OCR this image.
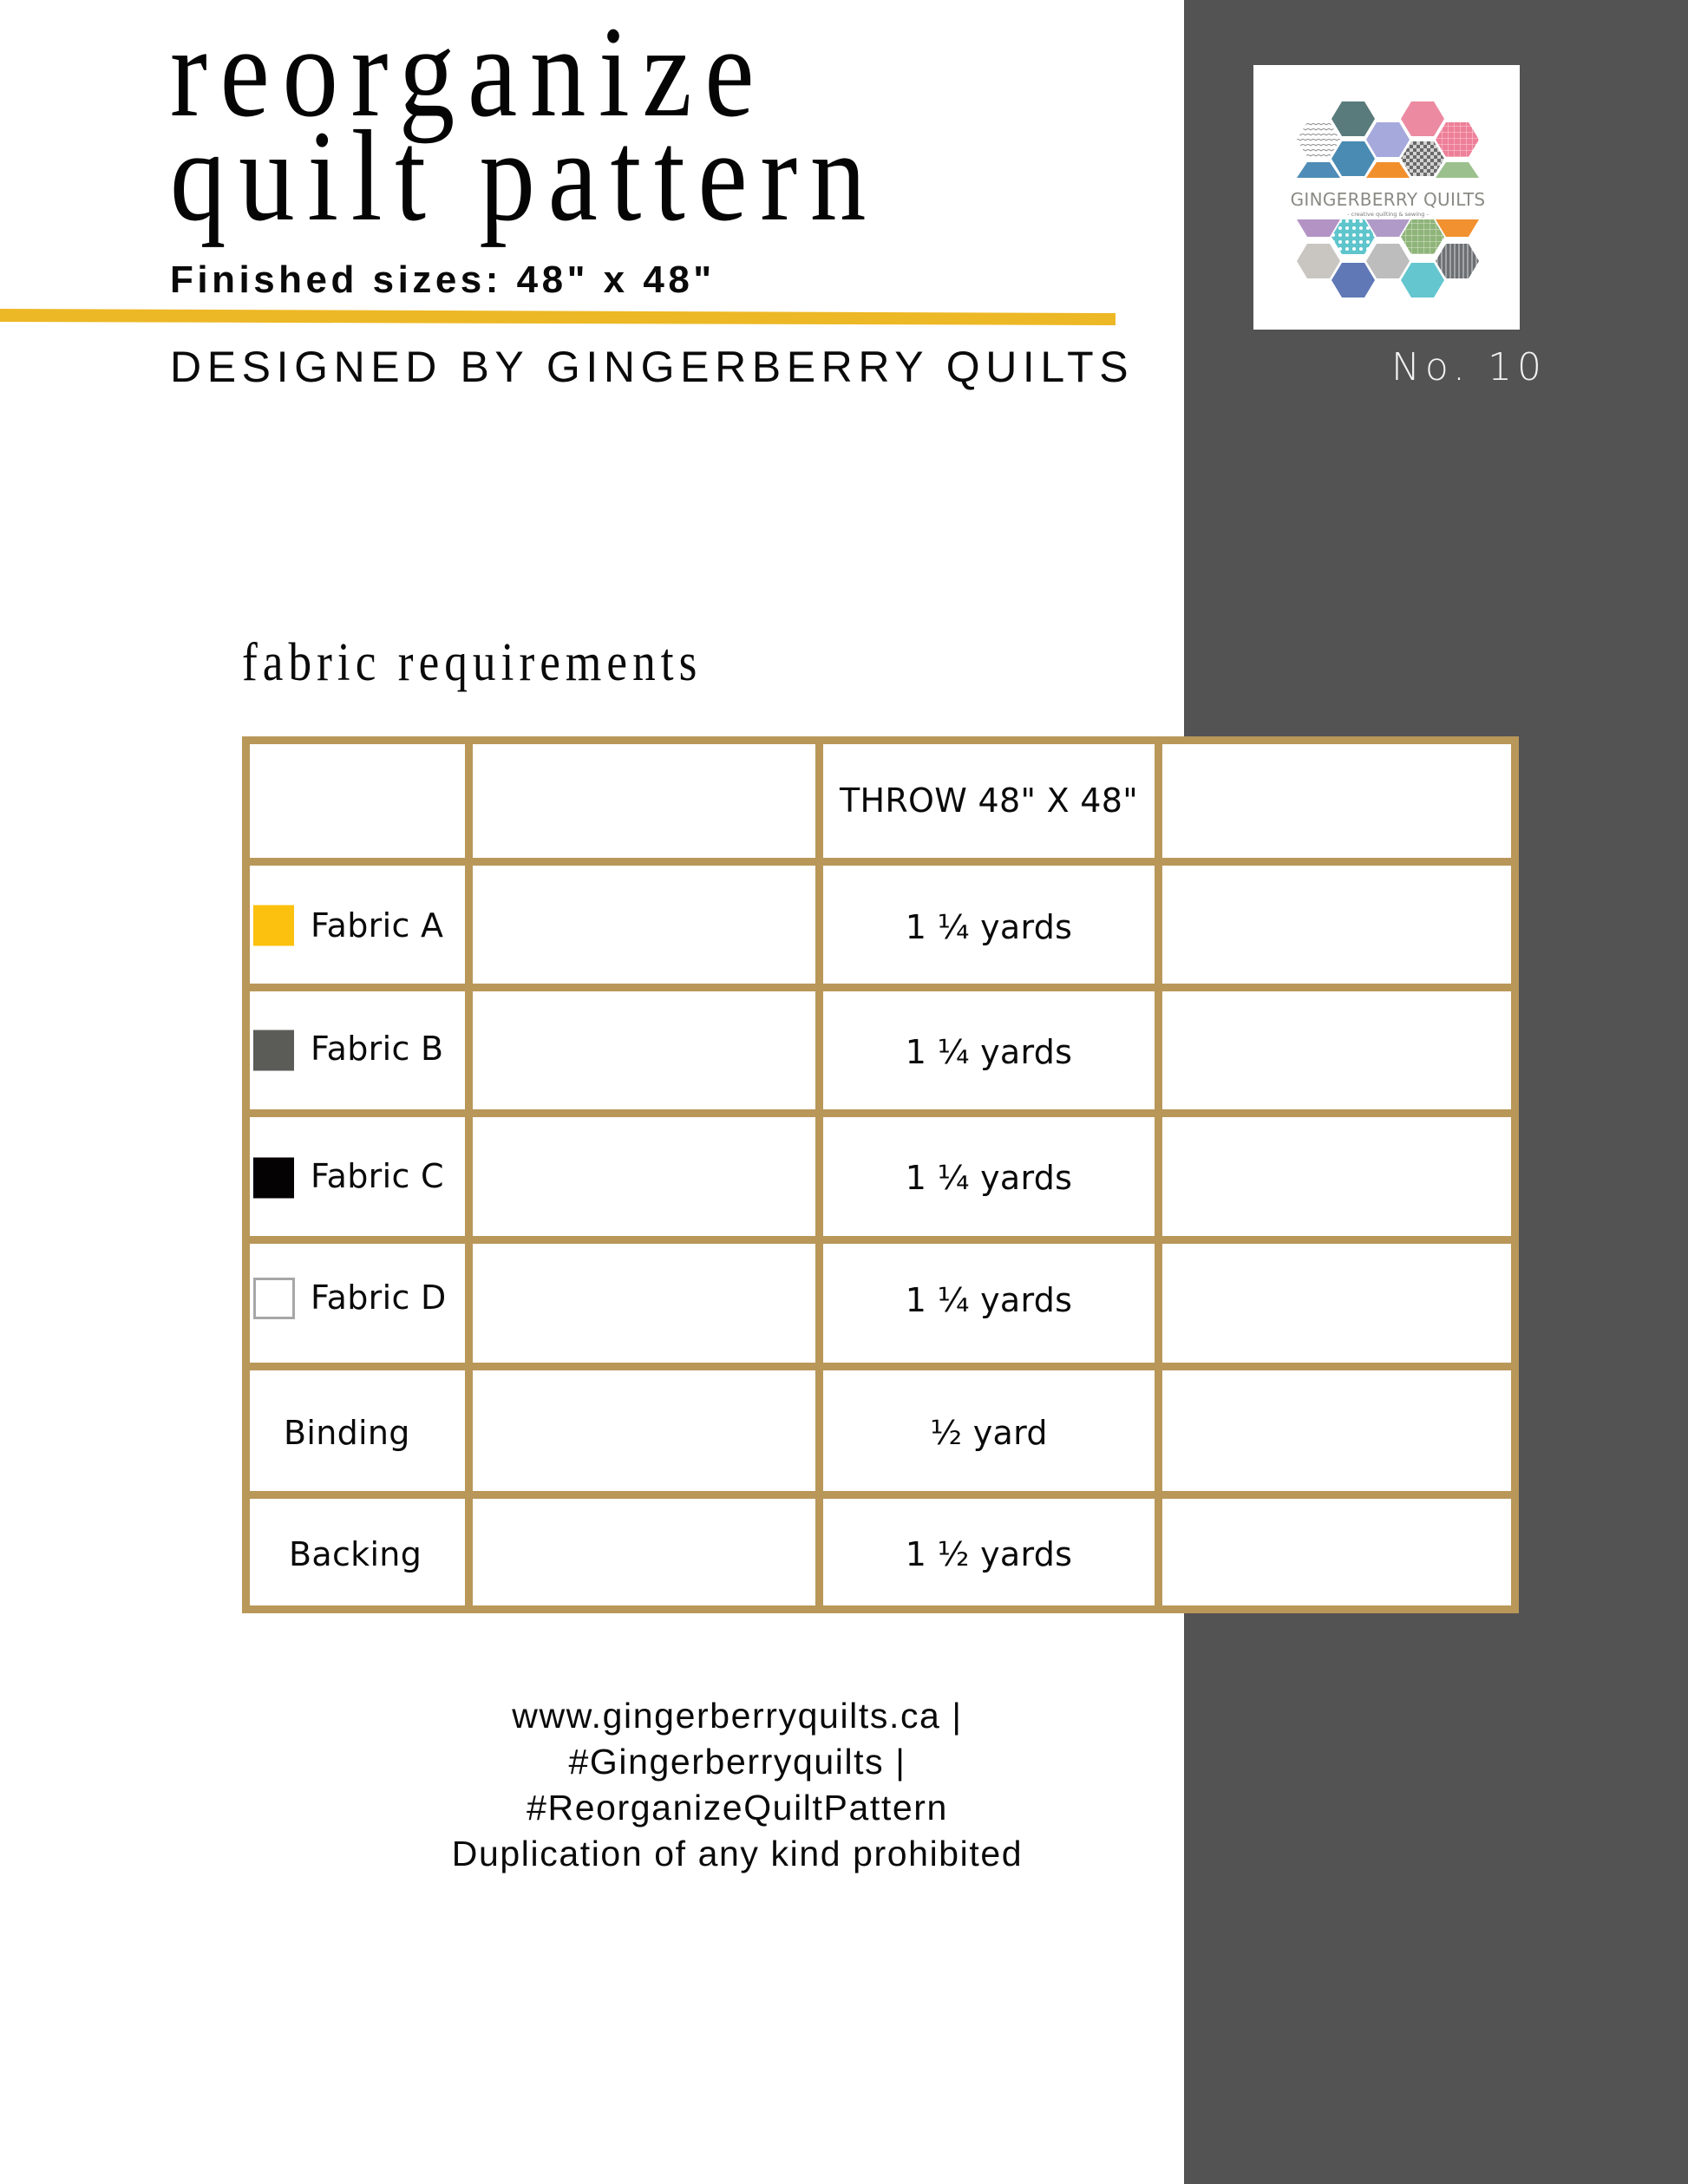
reorganize
quilt pattern
Finished sizes: 48" x 48"
DESIGNED BY GINGERBERRY QUILTS
GINGERBERRY QUILTS
- creative quilting & sewing -
No. 10
fabric requirements
THROW 48" X 48"
Fabric A	1 ¼ yards
Fabric B	1 ¼ yards
Fabric C	1 ¼ yards
Fabric D	1 ¼ yards
Binding	½ yard
Backing	1 ½ yards
www.gingerberryquilts.ca |
#Gingerberryquilts |
#ReorganizeQuiltPattern
Duplication of any kind prohibited
